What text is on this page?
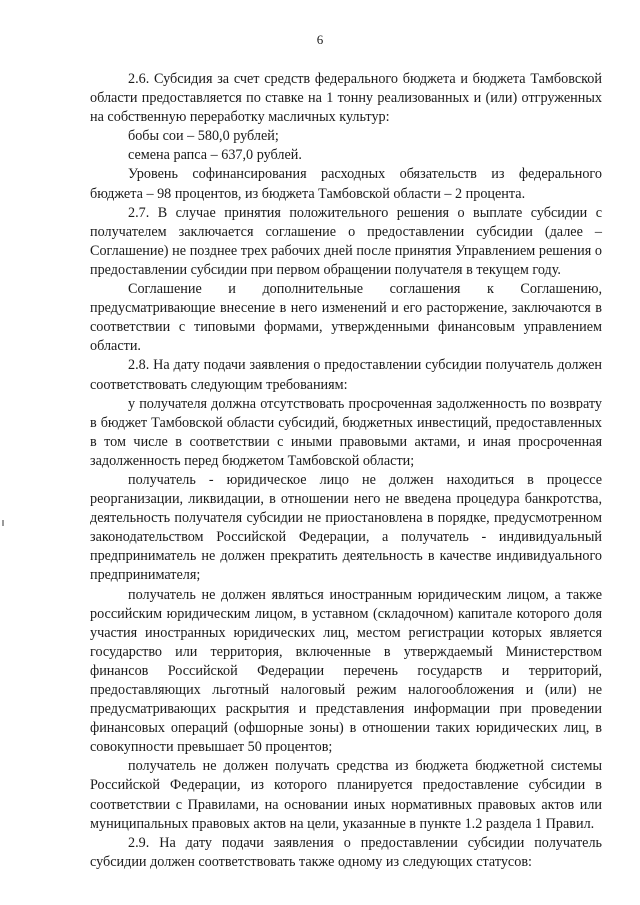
6

2.6. Субсидия за счет средств федерального бюджета и бюджета Тамбовской области предоставляется по ставке на 1 тонну реализованных и (или) отгруженных на собственную переработку масличных культур:

бобы сои – 580,0 рублей;

семена рапса – 637,0 рублей.

Уровень софинансирования расходных обязательств из федерального бюджета – 98 процентов, из бюджета Тамбовской области – 2 процента.

2.7. В случае принятия положительного решения о выплате субсидии с получателем заключается соглашение о предоставлении субсидии (далее – Соглашение) не позднее трех рабочих дней после принятия Управлением решения о предоставлении субсидии при первом обращении получателя в текущем году.

Соглашение и дополнительные соглашения к Соглашению, предусматривающие внесение в него изменений и его расторжение, заключаются в соответствии с типовыми формами, утвержденными финансовым управлением области.

2.8. На дату подачи заявления о предоставлении субсидии получатель должен соответствовать следующим требованиям:

у получателя должна отсутствовать просроченная задолженность по возврату в бюджет Тамбовской области субсидий, бюджетных инвестиций, предоставленных в том числе в соответствии с иными правовыми актами, и иная просроченная задолженность перед бюджетом Тамбовской области;

получатель - юридическое лицо не должен находиться в процессе реорганизации, ликвидации, в отношении него не введена процедура банкротства, деятельность получателя субсидии не приостановлена в порядке, предусмотренном законодательством Российской Федерации, а получатель - индивидуальный предприниматель не должен прекратить деятельность в качестве индивидуального предпринимателя;

получатель не должен являться иностранным юридическим лицом, а также российским юридическим лицом, в уставном (складочном) капитале которого доля участия иностранных юридических лиц, местом регистрации которых является государство или территория, включенные в утверждаемый Министерством финансов Российской Федерации перечень государств и территорий, предоставляющих льготный налоговый режим налогообложения и (или) не предусматривающих раскрытия и представления информации при проведении финансовых операций (офшорные зоны) в отношении таких юридических лиц, в совокупности превышает 50 процентов;

получатель не должен получать средства из бюджета бюджетной системы Российской Федерации, из которого планируется предоставление субсидии в соответствии с Правилами, на основании иных нормативных правовых актов или муниципальных правовых актов на цели, указанные в пункте 1.2 раздела 1 Правил.

2.9. На дату подачи заявления о предоставлении субсидии получатель субсидии должен соответствовать также одному из следующих статусов:
